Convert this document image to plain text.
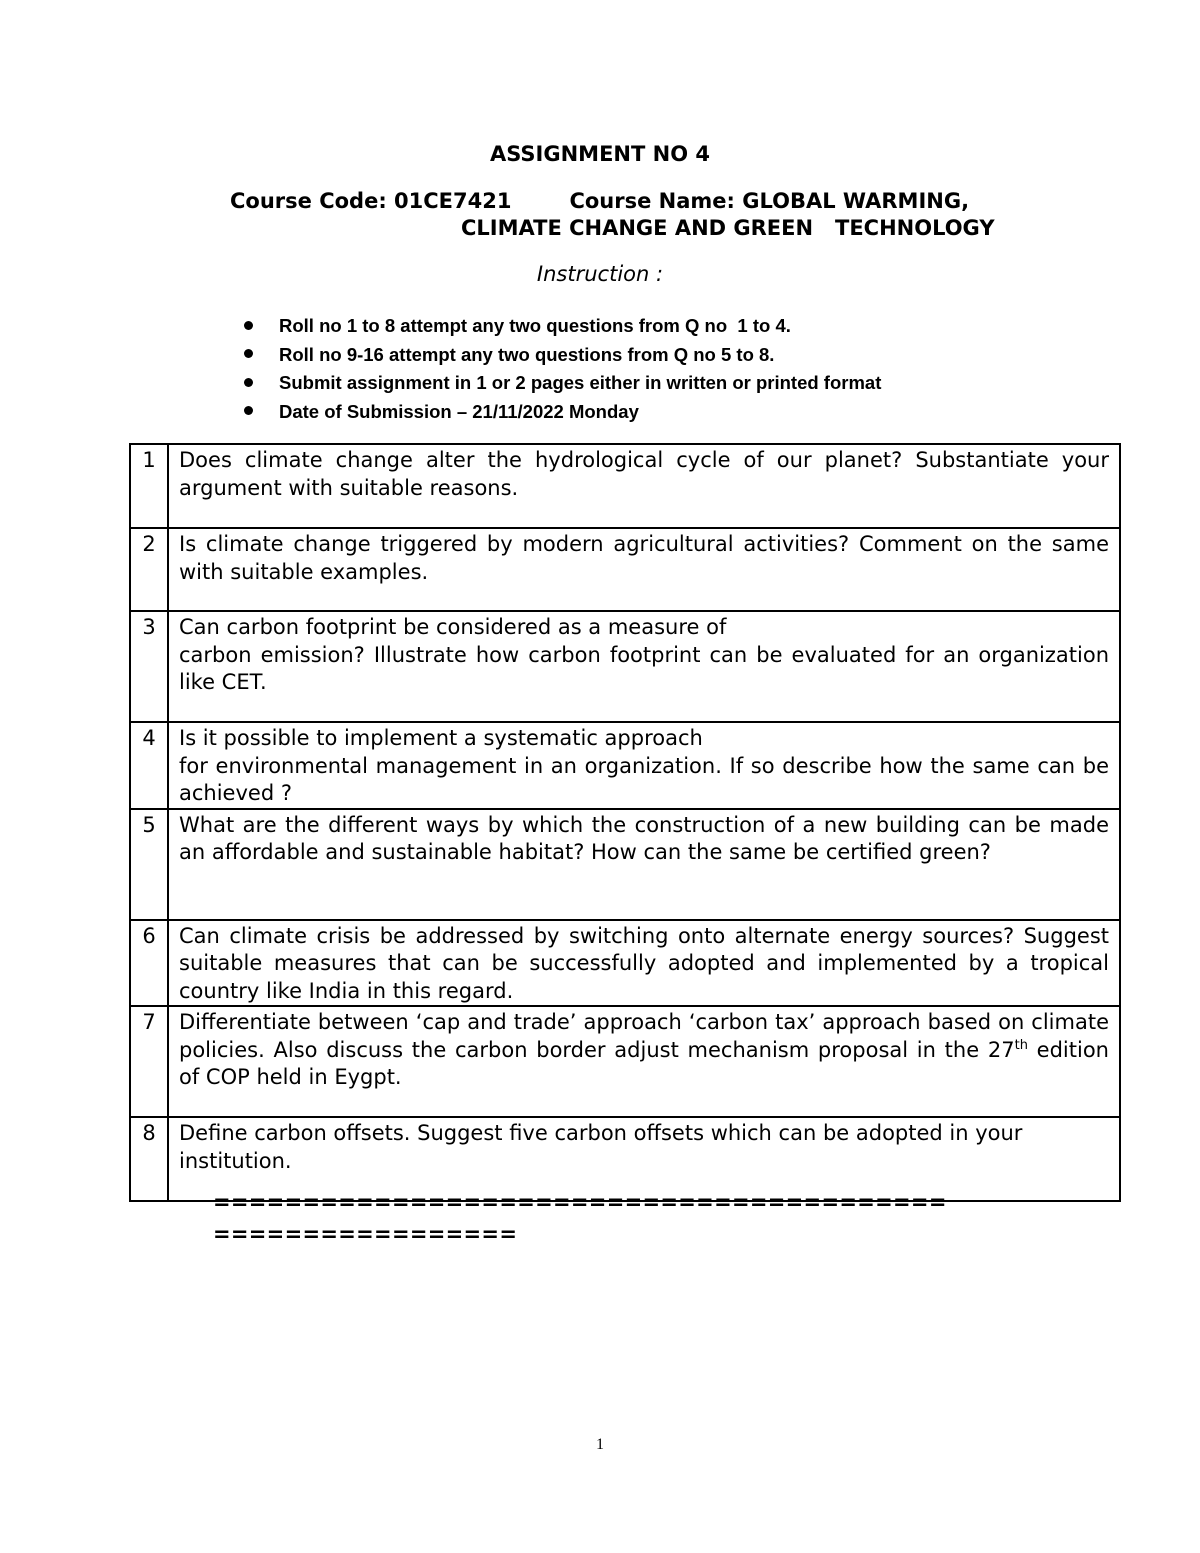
ASSIGNMENT NO 4
Course Code: 01CE7421	Course Name: GLOBAL WARMING,
CLIMATE CHANGE AND GREEN   TECHNOLOGY
Instruction :
Roll no 1 to 8 attempt any two questions from Q no  1 to 4.
Roll no 9-16 attempt any two questions from Q no 5 to 8.
Submit assignment in 1 or 2 pages either in written or printed format
Date of Submission – 21/11/2022 Monday
1	Does climate change alter the hydrological cycle of our planet? Substantiate your argument with suitable reasons.
2	Is climate change triggered by modern agricultural activities? Comment on the same with suitable examples.
3	Can carbon footprint be considered as a measure of
carbon emission? Illustrate how carbon footprint can be evaluated for an organization like CET.

4	Is it possible to implement a systematic approach
for environmental management in an organization. If so describe how the same can be achieved ?

5	What are the different ways by which the construction of a new building can be made an affordable and sustainable habitat? How can the same be certified green?
6	Can climate crisis be addressed by switching onto alternate energy sources? Suggest suitable measures that can be successfully adopted and implemented by a tropical country like India in this regard.
7	Differentiate between ‘cap and trade’ approach ‘carbon tax’ approach based on climate policies. Also discuss the carbon border adjust mechanism proposal in the 27th edition of COP held in Eygpt.
8	Define carbon offsets. Suggest five carbon offsets which can be adopted in your institution.
=========================================
=================
1
